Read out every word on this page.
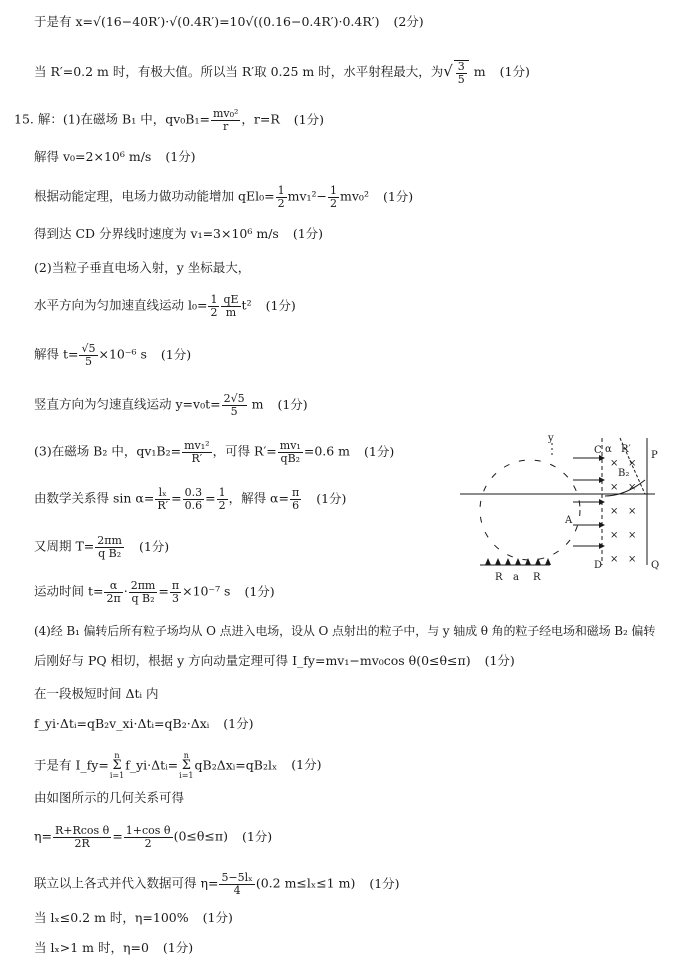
于是有 x=√(16−40R′)·√(0.4R′)=10√((0.16−0.4R′)·0.4R′) (2分)
当 R′=0.2 m 时，有极大值。所以当 R′取 0.25 m 时，水平射程最大，为√ $\frac{3}{5}$ m (1分)
15. 解：(1)在磁场 B₁ 中，$qv_0B_1= \frac{\text{mv₀²}}{r}$ ，r=R (1分)
解得 v₀=2×10⁶ m/s (1分)
根据动能定理，电场力做功动能增加 $qEl_0= \frac{1}{2} mv_1^2- \frac{1}{2} mv_0^2$ (1分)
得到达 CD 分界线时速度为 v₁=3×10⁶ m/s (1分)
(2)当粒子垂直电场入射，y 坐标最大，
水平方向为匀加速直线运动 $l_0= \frac{1}{2} \frac{qE}{m} t^2$ (1分)
解得 $t= \frac{√5}{5} \times 10^{-6}$ s (1分)
竖直方向为匀速直线运动 $y=v_0t= \frac{2√5}{5}$ m (1分)
(3)在磁场 B₂ 中，$qv_1B_2= \frac{\text{mv₁²}}{R'}$ ，可得 $R'= \frac{\text{mv₁}}{\text{qB₂}} =0.6$ m (1分)
由数学关系得 $\sin \alpha= \frac{\text{lₓ}}{R'} = \frac{0.3}{0.6} = \frac{1}{2}$ ，解得 $\alpha= \frac{\pi}{6} (1$分)
又周期 $T= \frac{2\pi m}{\text{q B₂}} (1$分)
运动时间 $t= \frac{\alpha}{2\pi} \cdot \frac{2\pi m}{\text{q B₂}} = \frac{\pi}{3} \times 10^{-7}$ s (1分)
(4)经 B₁ 偏转后所有粒子场均从 O 点进入电场，设从 O 点射出的粒子中，与 y 轴成 θ 角的粒子经电场和磁场 B₂ 偏转
后刚好与 PQ 相切，根据 y 方向动量定理可得 I_fy=mv₁−mv₀cos θ(0≤θ≤π) (1分)
在一段极短时间 Δtᵢ 内
f_yi·Δtᵢ=qB₂v_xi·Δtᵢ=qB₂·Δxᵢ (1分)
于是有 I_fy=n
Σ
i=1f_yi·Δtᵢ=n
Σ
i=1qB₂Δxᵢ=qB₂lₓ (1分)
由如图所示的几何关系可得
$\eta= \frac{\text{R+Rcos θ}}{2R} = \frac{\text{1+cos θ}}{2} (0\le\theta\le\pi)$ (1分)
联立以上各式并代入数据可得 $\eta= \frac{\text{5−5lₓ}}{4} (0.2$ m≤lₓ≤1 m) (1分)
当 lₓ≤0.2 m 时，η=100% (1分)
当 lₓ>1 m 时，η=0 (1分)
y
C α R′
P
B₂
D	Q
A
R a R
× ×
× ×
× ×
× ×
× ×
